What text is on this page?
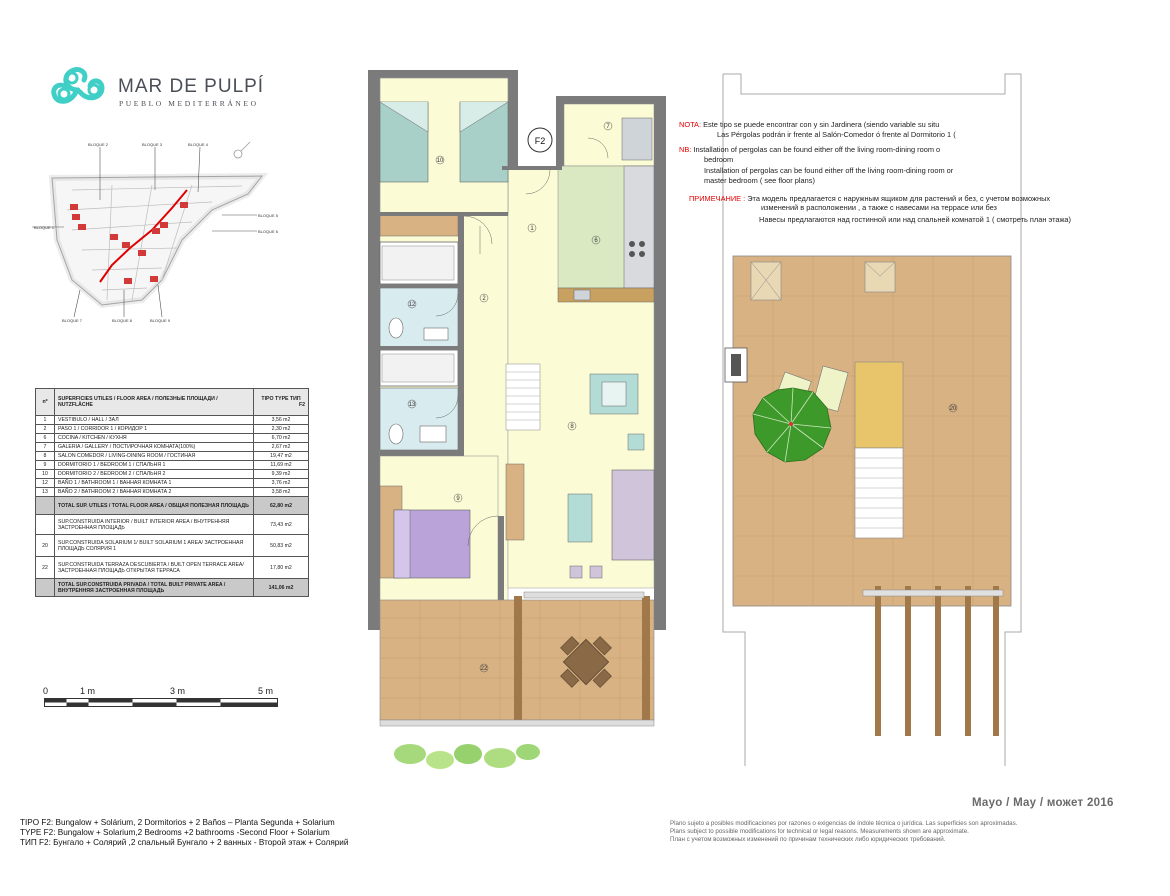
MAR DE PULPÍ
PUEBLO MEDITERRÁNEO
BLOQUE 1
BLOQUE 2	BLOQUE 3	BLOQUE 4
BLOQUE 5
BLOQUE 6
BLOQUE 7	BLOQUE 8	BLOQUE 9
nº	SUPERFICIES UTILES / FLOOR AREA / ПОЛЕЗНЫЕ ПЛОЩАДИ / NUTZFLÄCHE	TIPO TYPE ТИП
F2

1	VESTIBULO / HALL / ЗАЛ	3,56 m2
2	PASO 1 / CORRIDOR 1 / КОРИДОР 1	2,30 m2
6	COCINA / KITCHEN / КУХНЯ	6,70 m2
7	GALERIA / GALLERY / ПОСТИРОЧНАЯ КОМНАТА(100%)	2,67 m2
8	SALON COMEDOR / LIVING-DINING ROOM / ГОСТИНАЯ	19,47 m2
9	DORMITORIO 1 / BEDROOM 1 / СПАЛЬНЯ 1	11,69 m2
10	DORMITORIO 2 / BEDROOM 2 / СПАЛЬНЯ 2	9,39 m2
12	BAÑO 1 / BATHROOM 1 / ВАННАЯ КОМНАТА 1	3,76 m2
13	BAÑO 2 / BATHROOM 2 / ВАННАЯ КОМНАТА 2	3,58 m2
	TOTAL SUP. UTILES / TOTAL FLOOR AREA / ОБЩАЯ ПОЛЕЗНАЯ ПЛОЩАДЬ	62,80 m2
	SUP.CONSTRUIDA INTERIOR / BUILT INTERIOR AREA / ВНУТРЕННЯЯ ЗАСТРОЕННАЯ ПЛОЩАДЬ	73,43 m2
20	SUP.CONSTRUIDA SOLARIUM 1/ BUILT SOLARIUM 1 AREA/ ЗАСТРОЕННАЯ ПЛОЩАДЬ СОЛЯРИЯ 1	50,83 m2
22	SUP.CONSTRUIDA TERRAZA DESCUBIERTA / BUILT OPEN TERRACE AREA/ ЗАСТРОЕННАЯ ПЛОЩАДЬ ОТКРЫТАЯ ТЕРРАСА	17,80 m2
	TOTAL SUP.CONSTRUIDA PRIVADA / TOTAL BUILT PRIVATE AREA / ВНУТРЕННЯЯ ЗАСТРОЕННАЯ ПЛОЩАДЬ	141,06 m2
0	1 m	3 m	5 m
F2
10
1
2
6
7
12
13
8
9
22
20
NOTA: Este tipo se puede encontrar con y sin Jardinera (siendo variable su situ
Las Pérgolas podrán ir frente al Salón-Comedor ó frente al Dormitorio 1 (
NB: Installation of pergolas can be found either off the living room-dining room o
bedroom
Installation of pergolas can be found either off the living room-dining room or
master bedroom ( see floor plans)
ПРИМЕЧАНИЕ : Эта модель предлагается с наружным ящиком для растений и без, с учетом возможных
изменений в расположении , а также с навесами на террасе или без
Навесы предлагаются над гостинной или над спальней комнатой 1 ( смотреть план этажа)
TIPO F2: Bungalow + Solárium, 2 Dormitorios + 2 Baños – Planta Segunda + Solarium
TYPE F2: Bungalow + Solarium,2 Bedrooms +2 bathrooms -Second Floor + Solarium
ТИП F2: Бунгало + Солярий ,2 спальный Бунгало + 2 ванных - Второй этаж + Солярий
Mayo / May / может 2016
Plano sujeto a posibles modificaciones por razones o exigencias de índole técnica o jurídica. Las superficies son aproximadas.
Plans subject to possible modifications for technical or legal reasons. Measurements shown are approximate.
План с учетом возможных изменений по причинам технических либо юридических требований.
